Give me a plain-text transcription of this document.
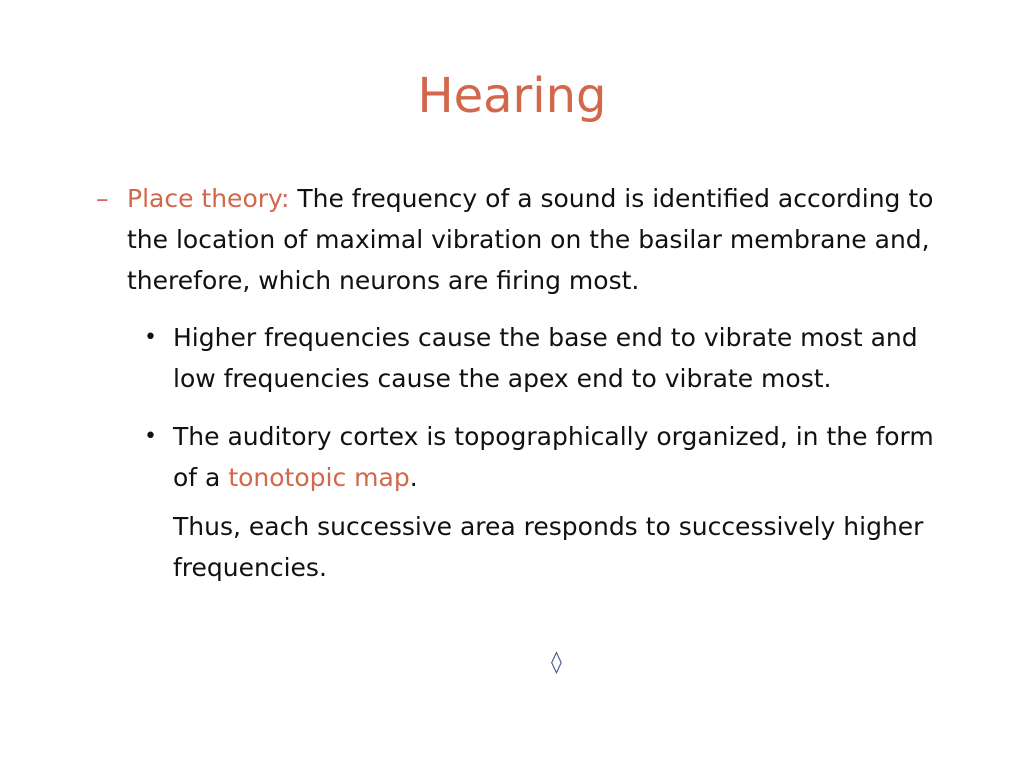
Hearing
– Place theory: The frequency of a sound is identified according to the location of maximal vibration on the basilar membrane and, therefore, which neurons are firing most.
• Higher frequencies cause the base end to vibrate most and low frequencies cause the apex end to vibrate most.
• The auditory cortex is topographically organized, in the form of a tonotopic map.
Thus, each successive area responds to successively higher frequencies.
◊
